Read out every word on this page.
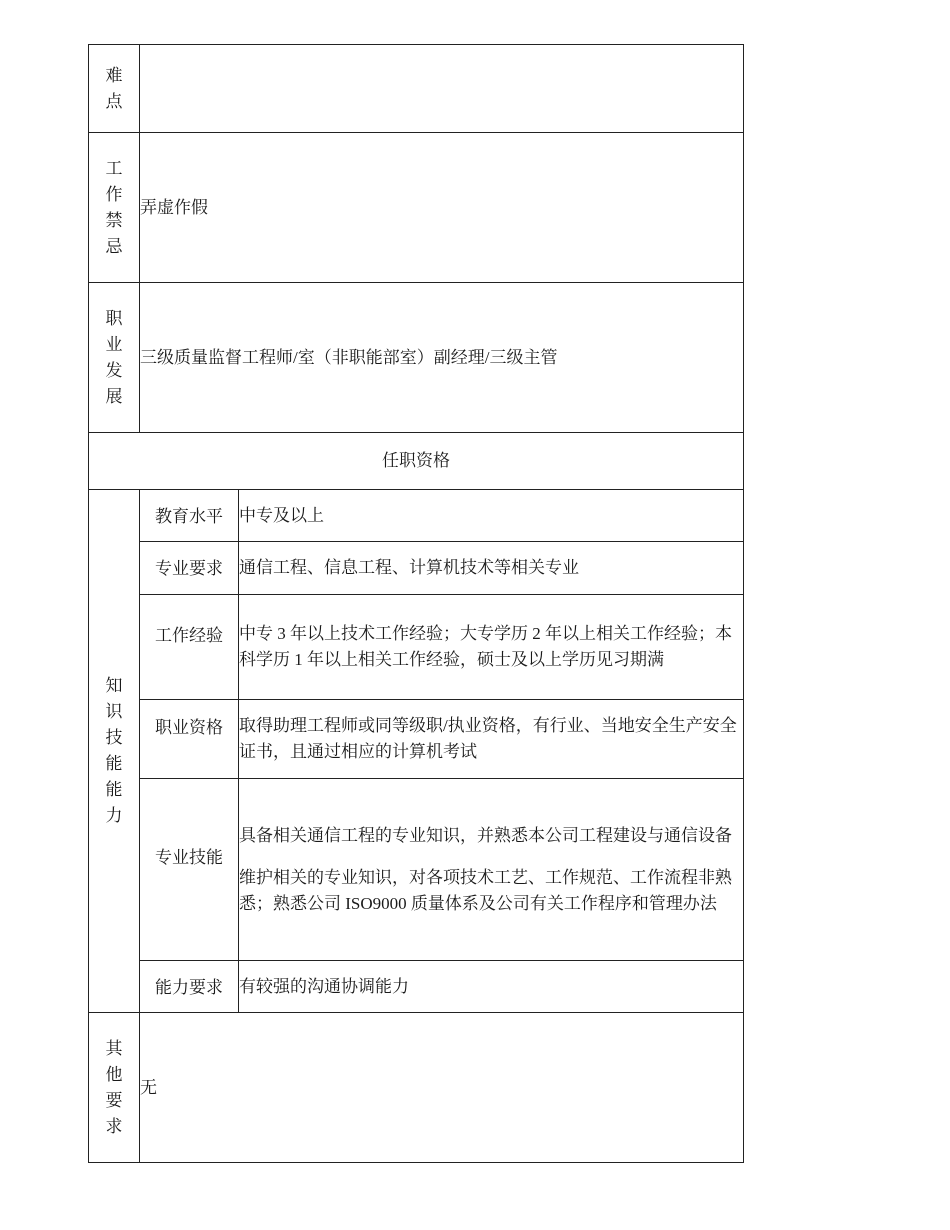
难点		

工作禁忌	弄虚作假	

职业发展	三级质量监督工程师/室（非职能部室）副经理/三级主管	
任职资格		

知识技能能力	教育水平	中专及以上
	专业要求	通信工程、信息工程、计算机技术等相关专业
	工作经验	中专 3 年以上技术工作经验；大专学历 2 年以上相关工作经验；本科学历 1 年以上相关工作经验，硕士及以上学历见习期满
	职业资格	取得助理工程师或同等级职/执业资格，有行业、当地安全生产安全证书，且通过相应的计算机考试
	专业技能	具备相关通信工程的专业知识，并熟悉本公司工程建设与通信设备
维护相关的专业知识，对各项技术工艺、工作规范、工作流程非熟悉；熟悉公司 ISO9000 质量体系及公司有关工作程序和管理办法

	能力要求	有较强的沟通协调能力

其他要求	无	
